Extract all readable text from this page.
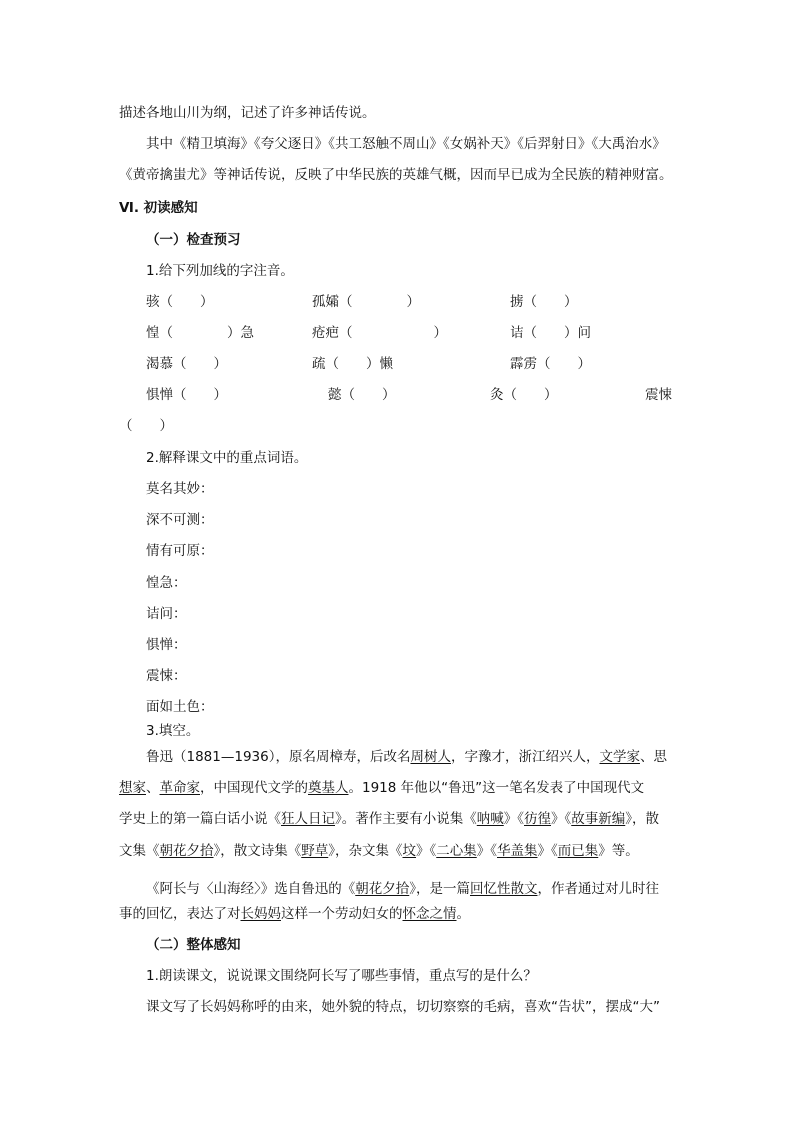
描述各地山川为纲，记述了许多神话传说。
其中《精卫填海》《夸父逐日》《共工怒触不周山》《女娲补天》《后羿射日》《大禹治水》
《黄帝擒蚩尤》等神话传说，反映了中华民族的英雄气概，因而早已成为全民族的精神财富。
Ⅵ. 初读感知
（一）检查预习
1.给下列加线的字注音。
骇（　　）	孤孀（　　　　）	掳（　　）
惶（　　　　）急	疮疤（　　　　　　）	诘（　　）问
渴慕（　　）	疏（　　）懒	霹雳（　　）
惧惮（　　）	懿（　　）	灸（　　）	震悚
（　　）
2.解释课文中的重点词语。
莫名其妙：
深不可测：
情有可原：
惶急：
诘问：
惧惮：
震悚：
面如土色：
3.填空。
鲁迅（1881—1936），原名周樟寿，后改名周树人，字豫才，浙江绍兴人，文学家、思
想家、革命家，中国现代文学的奠基人。1918 年他以“鲁迅”这一笔名发表了中国现代文
学史上的第一篇白话小说《狂人日记》。著作主要有小说集《呐喊》《彷徨》《故事新编》，散
文集《朝花夕拾》，散文诗集《野草》，杂文集《坟》《二心集》《华盖集》《而已集》等。
《阿长与〈山海经〉》选自鲁迅的《朝花夕拾》，是一篇回忆性散文，作者通过对儿时往
事的回忆，表达了对长妈妈这样一个劳动妇女的怀念之情。
（二）整体感知
1.朗读课文，说说课文围绕阿长写了哪些事情，重点写的是什么？
课文写了长妈妈称呼的由来，她外貌的特点，切切察察的毛病，喜欢“告状”，摆成“大”
